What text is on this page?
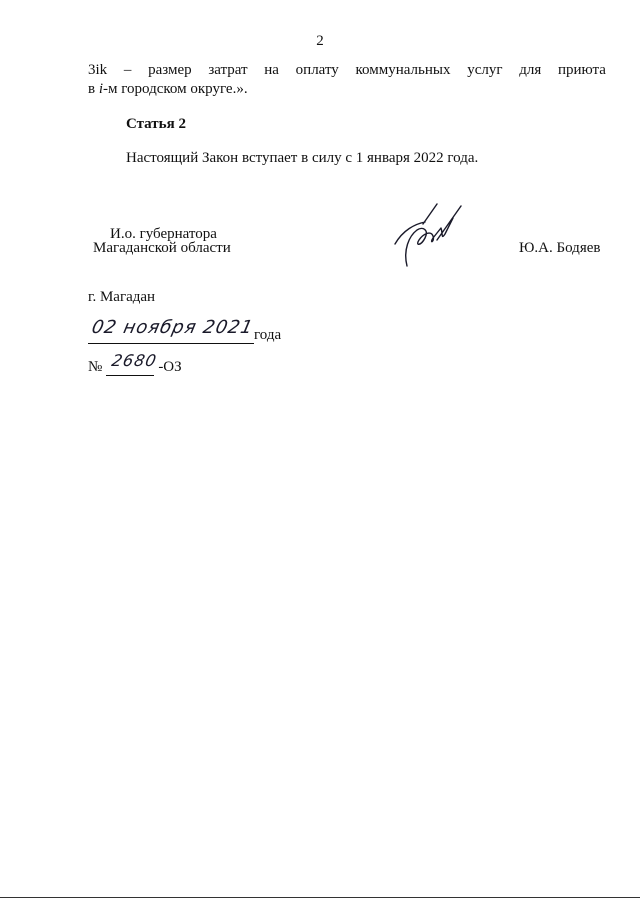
2
3ik – размер затрат на оплату коммунальных услуг для приюта
в i-м городском округе.».
Статья 2
Настоящий Закон вступает в силу с 1 января 2022 года.
И.о. губернатора
Магаданской области	Ю.А. Бодяев
г. Магадан
02 ноября 2021
года
№ 2680 -ОЗ
